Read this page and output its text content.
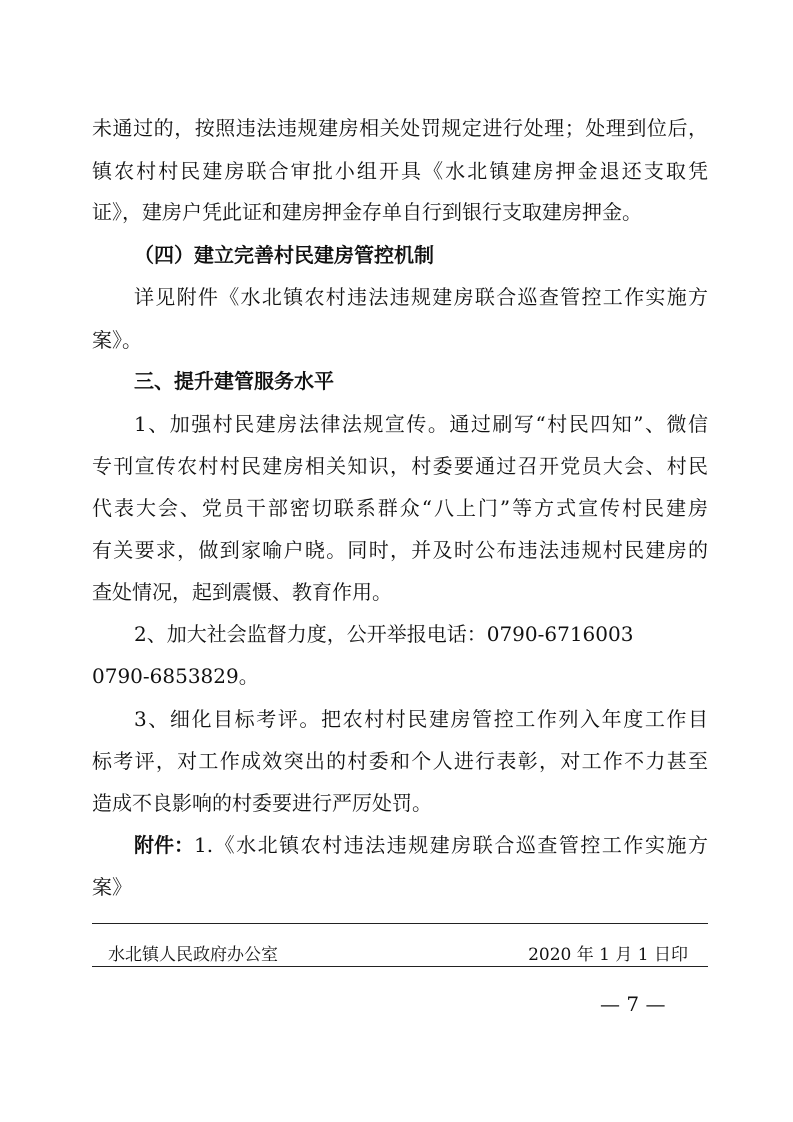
未通过的，按照违法违规建房相关处罚规定进行处理；处理到位后，
镇农村村民建房联合审批小组开具《水北镇建房押金退还支取凭
证》，建房户凭此证和建房押金存单自行到银行支取建房押金。
（四）建立完善村民建房管控机制
详见附件《水北镇农村违法违规建房联合巡查管控工作实施方
案》。
三、提升建管服务水平
1、加强村民建房法律法规宣传。通过刷写“村民四知”、微信
专刊宣传农村村民建房相关知识，村委要通过召开党员大会、村民
代表大会、党员干部密切联系群众“八上门”等方式宣传村民建房
有关要求，做到家喻户晓。同时，并及时公布违法违规村民建房的
查处情况，起到震慑、教育作用。
2、加大社会监督力度，公开举报电话：0790-6716003
0790-6853829。
3、细化目标考评。把农村村民建房管控工作列入年度工作目
标考评，对工作成效突出的村委和个人进行表彰，对工作不力甚至
造成不良影响的村委要进行严厉处罚。
附件： 1.《水北镇农村违法违规建房联合巡查管控工作实施方
案》
水北镇人民政府办公室	2020 年 1 月 1 日印
— 7 —
